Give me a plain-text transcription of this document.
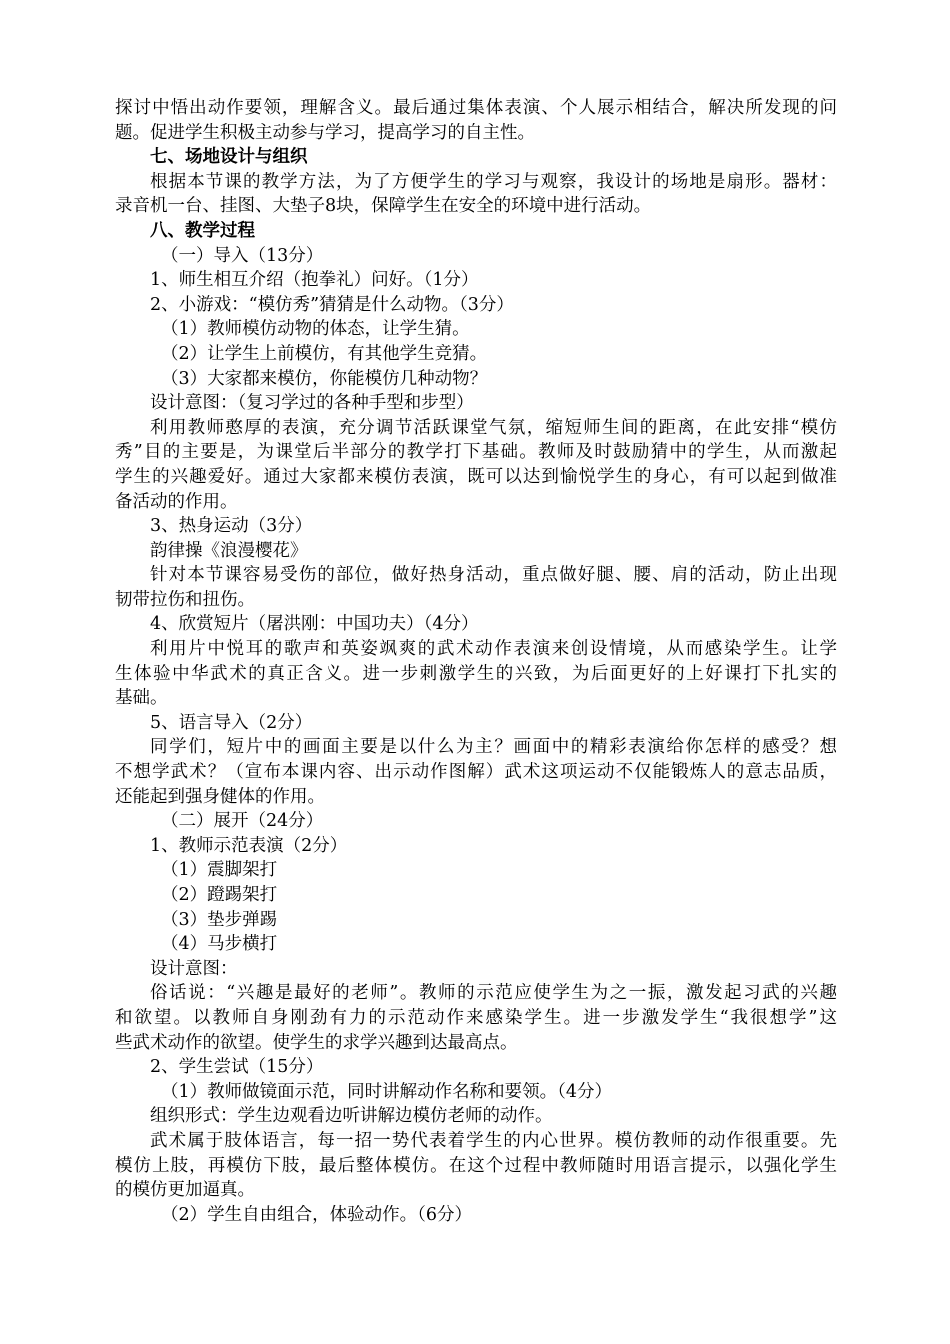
探讨中悟出动作要领，理解含义。最后通过集体表演、个人展示相结合，解决所发现的问
题。促进学生积极主动参与学习，提高学习的自主性。
七、场地设计与组织
根据本节课的教学方法，为了方便学生的学习与观察，我设计的场地是扇形。器材：
录音机一台、挂图、大垫子8块，保障学生在安全的环境中进行活动。
八、教学过程
（一）导入（13分）
1、师生相互介绍（抱拳礼）问好。（1分）
2、小游戏：“模仿秀”猜猜是什么动物。（3分）
（1）教师模仿动物的体态，让学生猜。
（2）让学生上前模仿，有其他学生竞猜。
（3）大家都来模仿，你能模仿几种动物？
设计意图：（复习学过的各种手型和步型）
利用教师憨厚的表演，充分调节活跃课堂气氛，缩短师生间的距离，在此安排“模仿
秀”目的主要是，为课堂后半部分的教学打下基础。教师及时鼓励猜中的学生，从而激起
学生的兴趣爱好。通过大家都来模仿表演，既可以达到愉悦学生的身心，有可以起到做准
备活动的作用。
3、热身运动（3分）
韵律操《浪漫樱花》
针对本节课容易受伤的部位，做好热身活动，重点做好腿、腰、肩的活动，防止出现
韧带拉伤和扭伤。
4、欣赏短片（屠洪刚：中国功夫）（4分）
利用片中悦耳的歌声和英姿飒爽的武术动作表演来创设情境，从而感染学生。让学
生体验中华武术的真正含义。进一步刺激学生的兴致，为后面更好的上好课打下扎实的
基础。
5、语言导入（2分）
同学们，短片中的画面主要是以什么为主？画面中的精彩表演给你怎样的感受？想
不想学武术？（宣布本课内容、出示动作图解）武术这项运动不仅能锻炼人的意志品质，
还能起到强身健体的作用。
（二）展开（24分）
1、教师示范表演（2分）
（1）震脚架打
（2）蹬踢架打
（3）垫步弹踢
（4）马步横打
设计意图：
俗话说：“兴趣是最好的老师”。教师的示范应使学生为之一振，激发起习武的兴趣
和欲望。以教师自身刚劲有力的示范动作来感染学生。进一步激发学生“我很想学”这
些武术动作的欲望。使学生的求学兴趣到达最高点。
2、学生尝试（15分）
（1）教师做镜面示范，同时讲解动作名称和要领。（4分）
组织形式：学生边观看边听讲解边模仿老师的动作。
武术属于肢体语言，每一招一势代表着学生的内心世界。模仿教师的动作很重要。先
模仿上肢，再模仿下肢，最后整体模仿。在这个过程中教师随时用语言提示，以强化学生
的模仿更加逼真。
（2）学生自由组合，体验动作。（6分）
